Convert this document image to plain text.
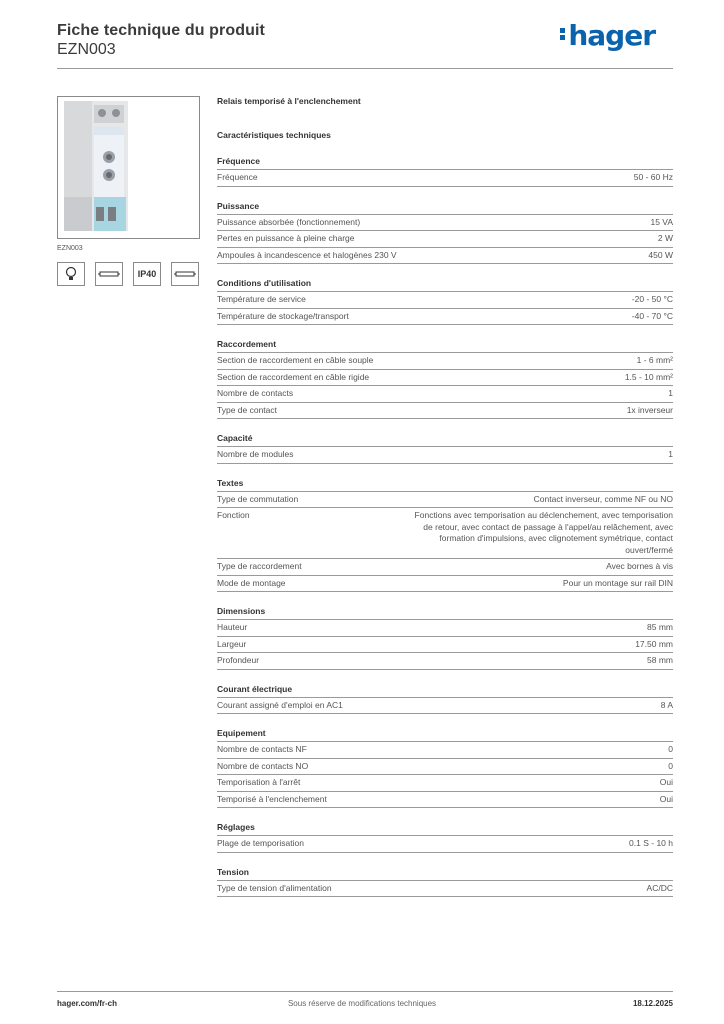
Fiche technique du produit
EZN003	hager
EZN003
IP40
Relais temporisé à l'enclenchement
Caractéristiques techniques
Fréquence
Fréquence	50 - 60 Hz
Puissance
Puissance absorbée (fonctionnement)	15 VA
Pertes en puissance à pleine charge	2 W
Ampoules à incandescence et halogènes 230 V	450 W
Conditions d'utilisation
Température de service	-20 - 50 °C
Température de stockage/transport	-40 - 70 °C
Raccordement
Section de raccordement en câble souple	1 - 6 mm²
Section de raccordement en câble rigide	1.5 - 10 mm²
Nombre de contacts	1
Type de contact	1x inverseur
Capacité
Nombre de modules	1
Textes
Type de commutation	Contact inverseur, comme NF ou NO
Fonction	Fonctions avec temporisation au déclenchement, avec temporisation de retour, avec contact de passage à l'appel/au relâchement, avec formation d'impulsions, avec clignotement symétrique, contact ouvert/fermé
Type de raccordement	Avec bornes à vis
Mode de montage	Pour un montage sur rail DIN
Dimensions
Hauteur	85 mm
Largeur	17.50 mm
Profondeur	58 mm
Courant électrique
Courant assigné d'emploi en AC1	8 A
Equipement
Nombre de contacts NF	0
Nombre de contacts NO	0
Temporisation à l'arrêt	Oui
Temporisé à l'enclenchement	Oui
Réglages
Plage de temporisation	0.1 S - 10 h
Tension
Type de tension d'alimentation	AC/DC
hager.com/fr-ch	Sous réserve de modifications techniques	18.12.2025
